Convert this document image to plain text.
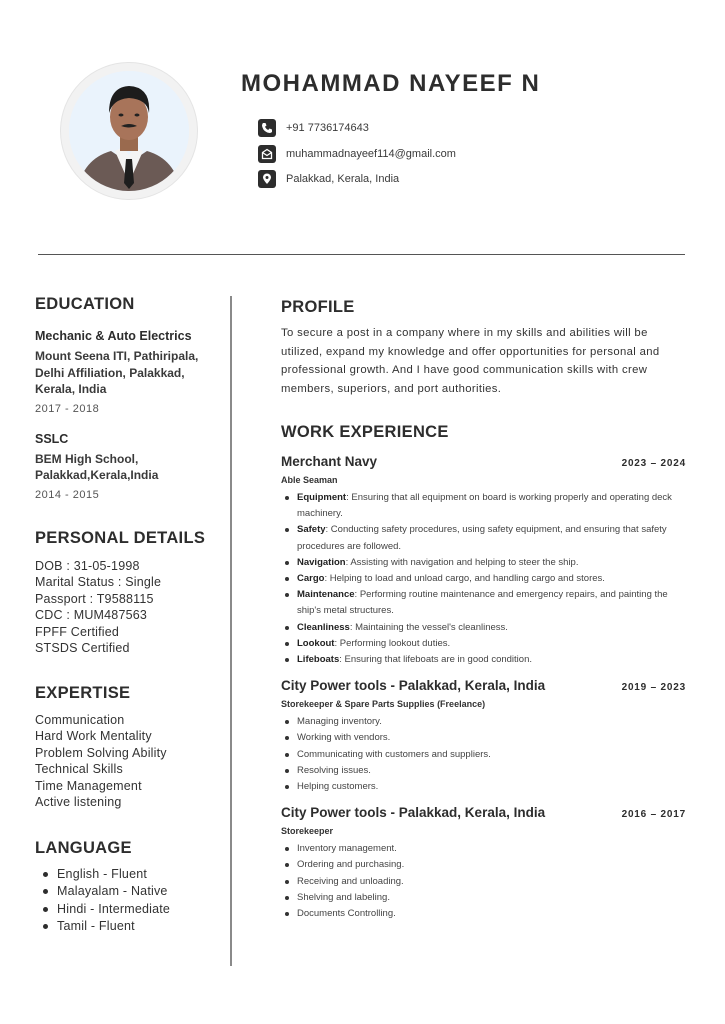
MOHAMMAD NAYEEF N
+91 7736174643
muhammadnayeef114@gmail.com
Palakkad, Kerala, India
EDUCATION
Mechanic & Auto Electrics
Mount Seena ITI, Pathiripala, Delhi Affiliation, Palakkad, Kerala, India
2017 - 2018
SSLC
BEM High School, Palakkad,Kerala,India
2014 - 2015
PERSONAL DETAILS
DOB : 31-05-1998
Marital Status : Single
Passport : T9588115
CDC : MUM487563
FPFF Certified
STSDS Certified
EXPERTISE
Communication
Hard Work Mentality
Problem Solving Ability
Technical Skills
Time Management
Active listening
LANGUAGE
English - Fluent
Malayalam - Native
Hindi - Intermediate
Tamil - Fluent
PROFILE
To secure a post in a company where in my skills and abilities will be utilized, expand my knowledge and offer opportunities for personal and professional growth. And I have good communication skills with crew members, superiors, and port authorities.
WORK EXPERIENCE
Merchant Navy	2023 – 2024
Able Seaman
Equipment: Ensuring that all equipment on board is working properly and operating deck machinery.
Safety: Conducting safety procedures, using safety equipment, and ensuring that safety procedures are followed.
Navigation: Assisting with navigation and helping to steer the ship.
Cargo: Helping to load and unload cargo, and handling cargo and stores.
Maintenance: Performing routine maintenance and emergency repairs, and painting the ship's metal structures.
Cleanliness: Maintaining the vessel's cleanliness.
Lookout: Performing lookout duties.
Lifeboats: Ensuring that lifeboats are in good condition.
City Power tools - Palakkad, Kerala, India	2019 – 2023
Storekeeper & Spare Parts Supplies (Freelance)
Managing inventory.
Working with vendors.
Communicating with customers and suppliers.
Resolving issues.
Helping customers.
City Power tools - Palakkad, Kerala, India	2016 – 2017
Storekeeper
Inventory management.
Ordering and purchasing.
Receiving and unloading.
Shelving and labeling.
Documents Controlling.
